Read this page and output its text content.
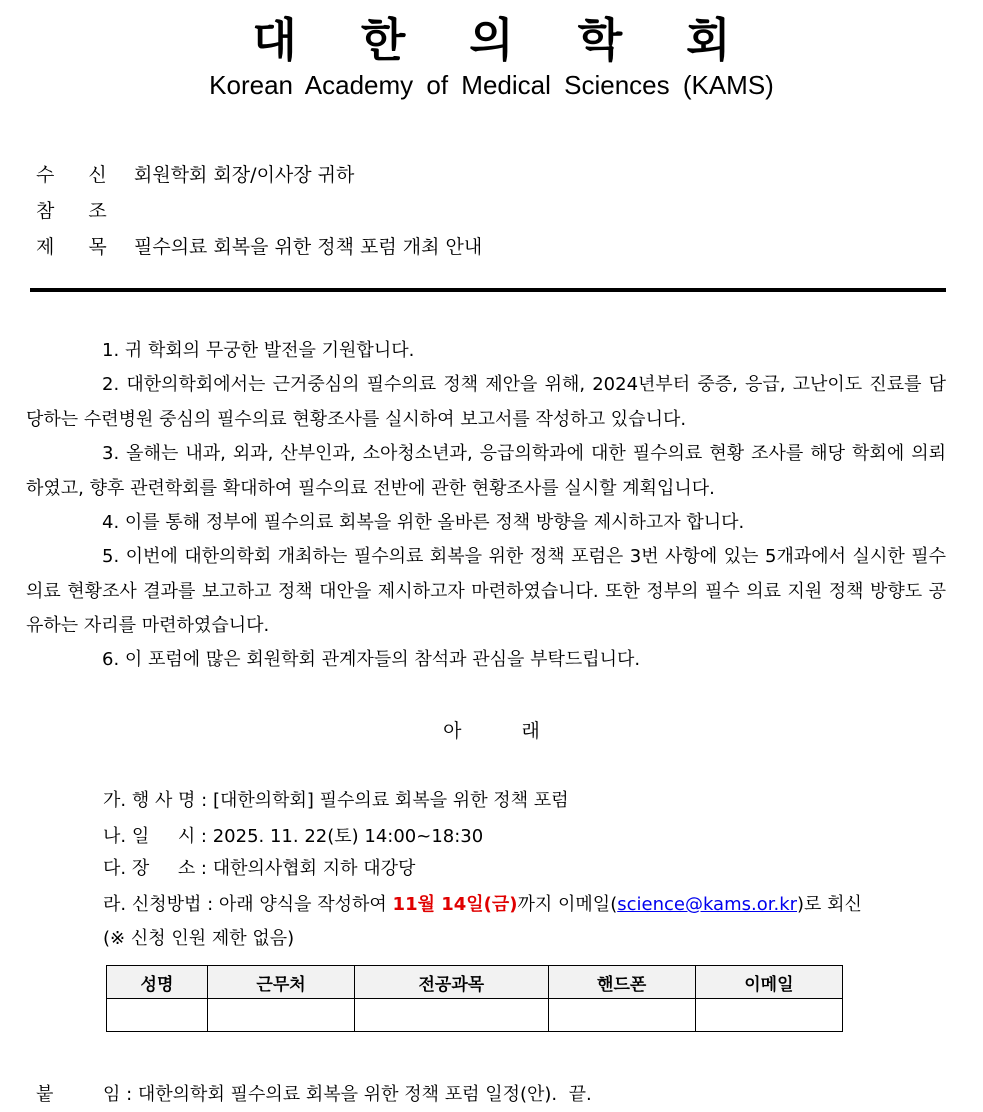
대 한 의 학 회
Korean Academy of Medical Sciences (KAMS)
수 신 회원학회 회장/이사장 귀하
참 조
제 목 필수의료 회복을 위한 정책 포럼 개최 안내
1. 귀 학회의 무궁한 발전을 기원합니다.
2. 대한의학회에서는 근거중심의 필수의료 정책 제안을 위해, 2024년부터 중증, 응급, 고난이도 진료를 담당하는 수련병원 중심의 필수의료 현황조사를 실시하여 보고서를 작성하고 있습니다.
3. 올해는 내과, 외과, 산부인과, 소아청소년과, 응급의학과에 대한 필수의료 현황 조사를 해당 학회에 의뢰하였고, 향후 관련학회를 확대하여 필수의료 전반에 관한 현황조사를 실시할 계획입니다.
4. 이를 통해 정부에 필수의료 회복을 위한 올바른 정책 방향을 제시하고자 합니다.
5. 이번에 대한의학회 개최하는 필수의료 회복을 위한 정책 포럼은 3번 사항에 있는 5개과에서 실시한 필수의료 현황조사 결과를 보고하고 정책 대안을 제시하고자 마련하였습니다. 또한 정부의 필수 의료 지원 정책 방향도 공유하는 자리를 마련하였습니다.
6. 이 포럼에 많은 회원학회 관계자들의 참석과 관심을 부탁드립니다.
아	래
가. 행 사 명 : [대한의학회] 필수의료 회복을 위한 정책 포럼
나. 일     시 : 2025. 11. 22(토) 14:00~18:30
다. 장     소 : 대한의사협회 지하 대강당
라. 신청방법 : 아래 양식을 작성하여 11월 14일(금)까지 이메일(science@kams.or.kr)로 회신
(※ 신청 인원 제한 없음)
성명	근무처	전공과목	핸드폰	이메일

붙	임 : 대한의학회 필수의료 회복을 위한 정책 포럼 일정(안).  끝.
